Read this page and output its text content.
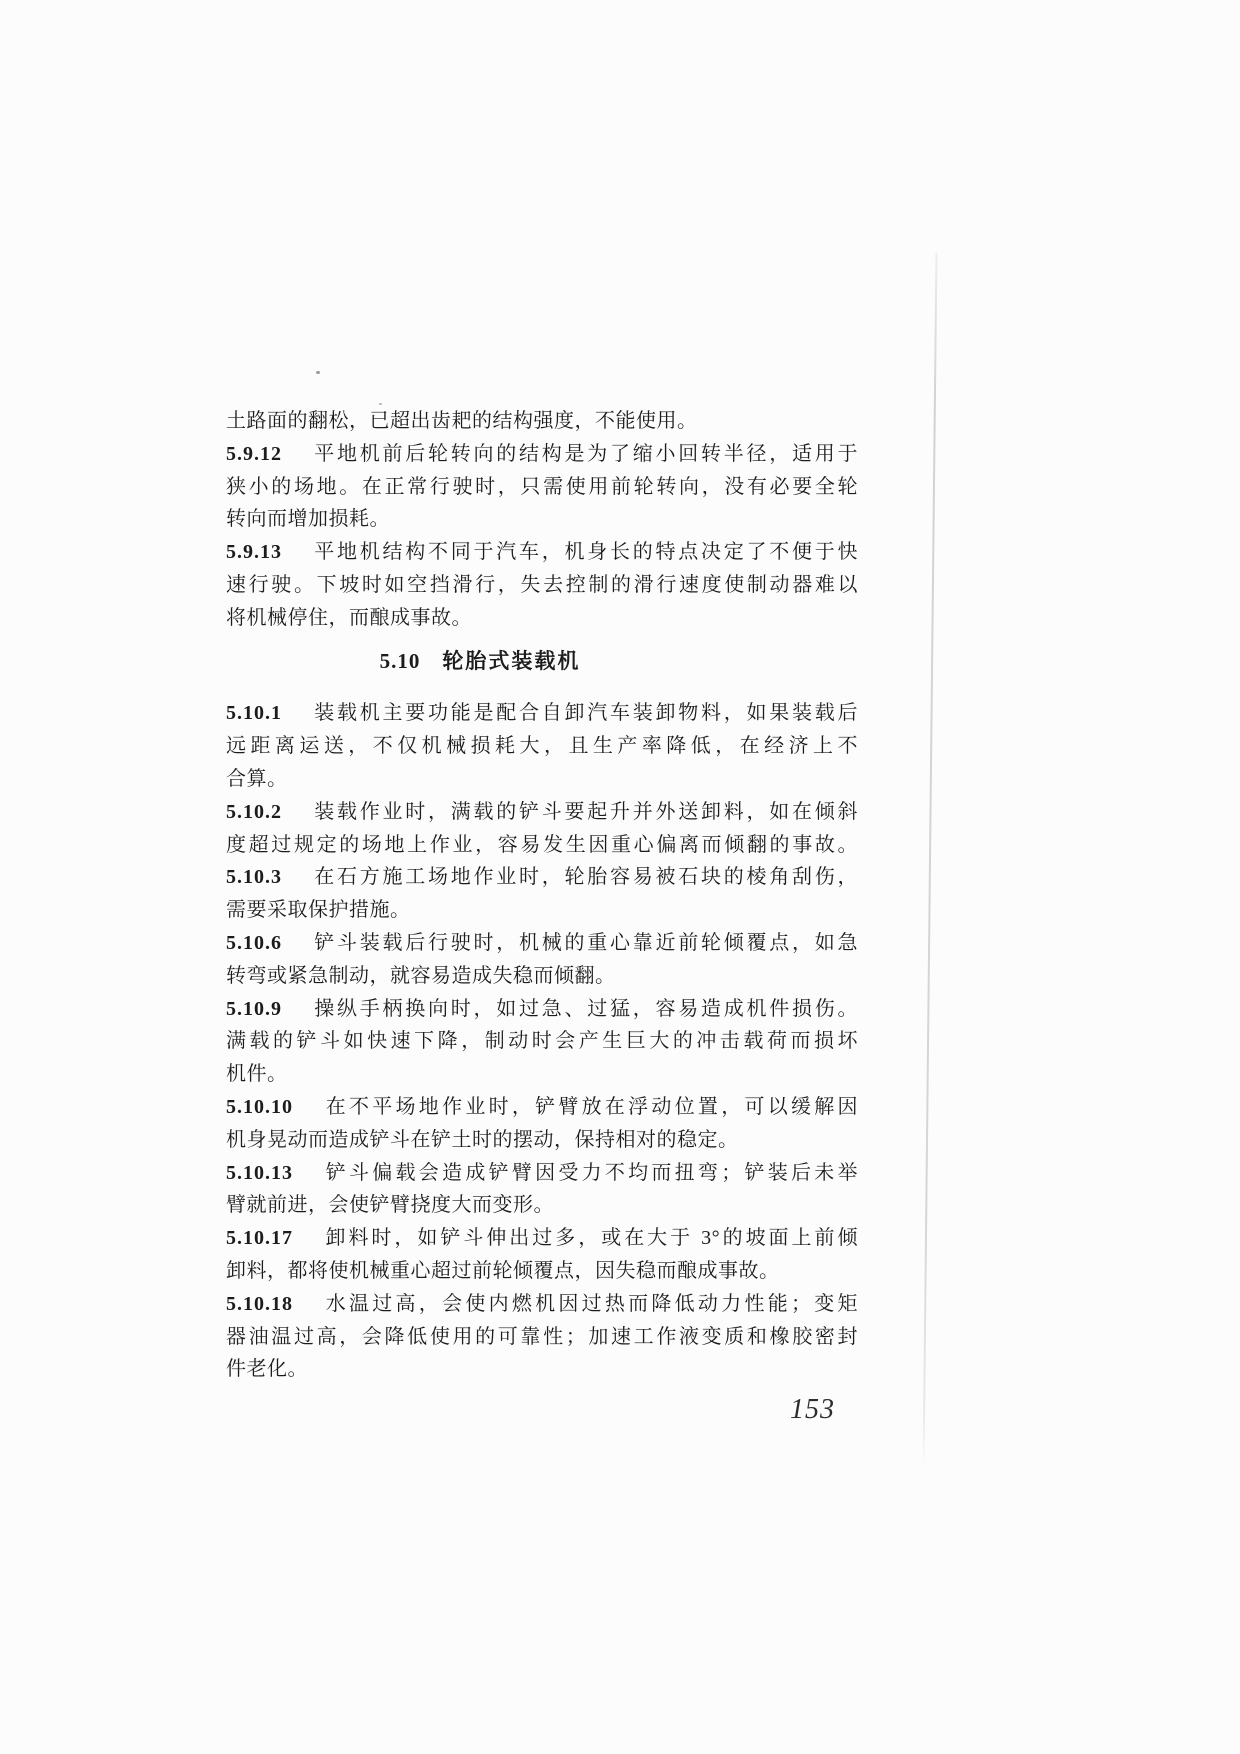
土路面的翻松，已超出齿耙的结构强度，不能使用。
5.9.12 平地机前后轮转向的结构是为了缩小回转半径，适用于
狭小的场地。在正常行驶时，只需使用前轮转向，没有必要全轮
转向而增加损耗。
5.9.13 平地机结构不同于汽车，机身长的特点决定了不便于快
速行驶。下坡时如空挡滑行，失去控制的滑行速度使制动器难以
将机械停住，而酿成事故。
5.10 轮胎式装载机
5.10.1 装载机主要功能是配合自卸汽车装卸物料，如果装载后
远距离运送，不仅机械损耗大，且生产率降低，在经济上不
合算。
5.10.2 装载作业时，满载的铲斗要起升并外送卸料，如在倾斜
度超过规定的场地上作业，容易发生因重心偏离而倾翻的事故。
5.10.3 在石方施工场地作业时，轮胎容易被石块的棱角刮伤，
需要采取保护措施。
5.10.6 铲斗装载后行驶时，机械的重心靠近前轮倾覆点，如急
转弯或紧急制动，就容易造成失稳而倾翻。
5.10.9 操纵手柄换向时，如过急、过猛，容易造成机件损伤。
满载的铲斗如快速下降，制动时会产生巨大的冲击载荷而损坏
机件。
5.10.10 在不平场地作业时，铲臂放在浮动位置，可以缓解因
机身晃动而造成铲斗在铲土时的摆动，保持相对的稳定。
5.10.13 铲斗偏载会造成铲臂因受力不均而扭弯；铲装后未举
臂就前进，会使铲臂挠度大而变形。
5.10.17 卸料时，如铲斗伸出过多，或在大于 3°的坡面上前倾
卸料，都将使机械重心超过前轮倾覆点，因失稳而酿成事故。
5.10.18 水温过高，会使内燃机因过热而降低动力性能；变矩
器油温过高，会降低使用的可靠性；加速工作液变质和橡胶密封
件老化。
153
